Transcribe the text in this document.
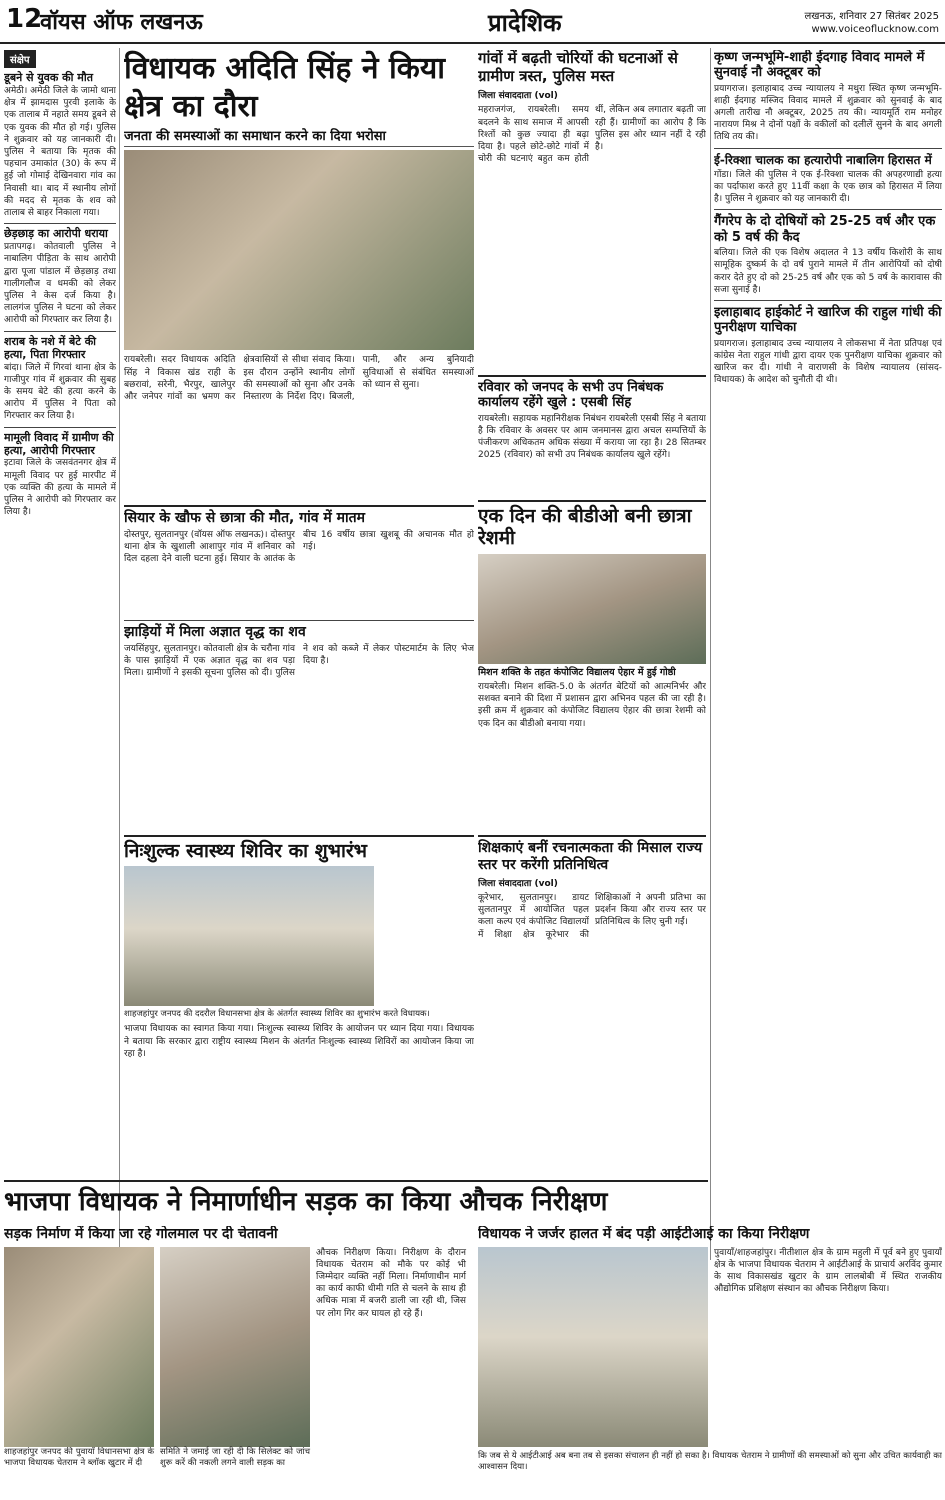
12
वॉयस ऑफ लखनऊ	प्रादेशिक	लखनऊ, शनिवार 27 सितंबर 2025
www.voiceoflucknow.com
संक्षेप
डूबने से युवक की मौत
अमेठी। अमेठी जिले के जामो थाना क्षेत्र में झामदास पुरवी इलाके के एक तालाब में नहाते समय डूबने से एक युवक की मौत हो गई। पुलिस ने शुक्रवार को यह जानकारी दी। पुलिस ने बताया कि मृतक की पहचान उमाकांत (30) के रूप में हुई जो गोमाई देखिनवारा गांव का निवासी था। बाद में स्थानीय लोगों की मदद से मृतक के शव को तालाब से बाहर निकाला गया।
छेड़छाड़ का आरोपी धराया
प्रतापगढ़। कोतवाली पुलिस ने नाबालिग पीड़िता के साथ आरोपी द्वारा पूजा पांडाल में छेड़छाड़ तथा गालीगलौज व धमकी को लेकर पुलिस ने केस दर्ज किया है। लालगंज पुलिस ने घटना को लेकर आरोपी को गिरफ्तार कर लिया है।
शराब के नशे में बेटे की हत्या, पिता गिरफ्तार
बांदा। जिले में गिरवां थाना क्षेत्र के गाजीपुर गांव में शुक्रवार की सुबह के समय बेटे की हत्या करने के आरोप में पुलिस ने पिता को गिरफ्तार कर लिया है।
मामूली विवाद में ग्रामीण की हत्या, आरोपी गिरफ्तार
इटावा जिले के जसवंतनगर क्षेत्र में मामूली विवाद पर हुई मारपीट में एक व्यक्ति की हत्या के मामले में पुलिस ने आरोपी को गिरफ्तार कर लिया है।
विधायक अदिति सिंह ने किया क्षेत्र का दौरा
जनता की समस्याओं का समाधान करने का दिया भरोसा
रायबरेली। सदर विधायक अदिति सिंह ने विकास खंड राही के बछरावां, सरेनी, भैरपुर, खालेपुर और जनेपर गांवों का भ्रमण कर क्षेत्रवासियों से सीधा संवाद किया। इस दौरान उन्होंने स्थानीय लोगों की समस्याओं को सुना और उनके निस्तारण के निर्देश दिए। बिजली, पानी, और अन्य बुनियादी सुविधाओं से संबंधित समस्याओं को ध्यान से सुना।
गांवों में बढ़ती चोरियों की घटनाओं से ग्रामीण त्रस्त, पुलिस मस्त
जिला संवाददाता (vol)
महराजगंज, रायबरेली। समय बदलने के साथ समाज में आपसी रिश्तों को कुछ ज्यादा ही बढ़ा दिया है। पहले छोटे-छोटे गांवों में चोरी की घटनाएं बहुत कम होती थीं, लेकिन अब लगातार बढ़ती जा रही हैं। ग्रामीणों का आरोप है कि पुलिस इस ओर ध्यान नहीं दे रही है।
रविवार को जनपद के सभी उप निबंधक कार्यालय रहेंगे खुले : एसबी सिंह
रायबरेली। सहायक महानिरीक्षक निबंधन रायबरेली एसबी सिंह ने बताया है कि रविवार के अवसर पर आम जनमानस द्वारा अचल सम्पत्तियों के पंजीकरण अधिकतम अधिक संख्या में कराया जा रहा है। 28 सितम्बर 2025 (रविवार) को सभी उप निबंधक कार्यालय खुले रहेंगे।
सियार के खौफ से छात्रा की मौत, गांव में मातम
दोस्तपुर, सुलतानपुर (वॉयस ऑफ लखनऊ)। दोस्तपुर थाना क्षेत्र के खुशाली आशापुर गांव में शनिवार को दिल दहला देने वाली घटना हुई। सियार के आतंक के बीच 16 वर्षीय छात्रा खुशबू की अचानक मौत हो गई।
झाड़ियों में मिला अज्ञात वृद्ध का शव
जयसिंहपुर, सुलतानपुर। कोतवाली क्षेत्र के चरौना गांव के पास झाड़ियों में एक अज्ञात वृद्ध का शव पड़ा मिला। ग्रामीणों ने इसकी सूचना पुलिस को दी। पुलिस ने शव को कब्जे में लेकर पोस्टमार्टम के लिए भेज दिया है।
एक दिन की बीडीओ बनी छात्रा रेशमी
मिशन शक्ति के तहत कंपोजिट विद्यालय ऐहार में हुई गोष्ठी
रायबरेली। मिशन शक्ति-5.0 के अंतर्गत बेटियों को आत्मनिर्भर और सशक्त बनाने की दिशा में प्रशासन द्वारा अभिनव पहल की जा रही है। इसी क्रम में शुक्रवार को कंपोजिट विद्यालय ऐहार की छात्रा रेशमी को एक दिन का बीडीओ बनाया गया।
निःशुल्क स्वास्थ्य शिविर का शुभारंभ
शाहजहांपुर जनपद की ददरौल विधानसभा क्षेत्र के अंतर्गत स्वास्थ्य शिविर का शुभारंभ करते विधायक।
भाजपा विधायक का स्वागत किया गया। निःशुल्क स्वास्थ्य शिविर के आयोजन पर ध्यान दिया गया। विधायक ने बताया कि सरकार द्वारा राष्ट्रीय स्वास्थ्य मिशन के अंतर्गत निःशुल्क स्वास्थ्य शिविरों का आयोजन किया जा रहा है।
शिक्षकाएं बनीं रचनात्मकता की मिसाल राज्य स्तर पर करेंगी प्रतिनिधित्व
जिला संवाददाता (vol)
कूरेभार, सुलतानपुर। डायट सुलतानपुर में आयोजित पहल कला कल्प एवं कंपोजिट विद्यालयों में शिक्षा क्षेत्र कूरेभार की शिक्षिकाओं ने अपनी प्रतिभा का प्रदर्शन किया और राज्य स्तर पर प्रतिनिधित्व के लिए चुनी गईं।
कृष्ण जन्मभूमि-शाही ईदगाह विवाद मामले में सुनवाई नौ अक्टूबर को
प्रयागराज। इलाहाबाद उच्च न्यायालय ने मथुरा स्थित कृष्ण जन्मभूमि-शाही ईदगाह मस्जिद विवाद मामले में शुक्रवार को सुनवाई के बाद अगली तारीख नौ अक्टूबर, 2025 तय की। न्यायमूर्ति राम मनोहर नारायण मिश्र ने दोनों पक्षों के वकीलों को दलीलें सुनने के बाद अगली तिथि तय की।
ई-रिक्शा चालक का हत्यारोपी नाबालिग हिरासत में
गोंडा। जिले की पुलिस ने एक ई-रिक्शा चालक की अपहरणाद्यी हत्या का पर्दाफाश करते हुए 11वीं कक्षा के एक छात्र को हिरासत में लिया है। पुलिस ने शुक्रवार को यह जानकारी दी।
गैंगरेप के दो दोषियों को 25-25 वर्ष और एक को 5 वर्ष की कैद
बलिया। जिले की एक विशेष अदालत ने 13 वर्षीय किशोरी के साथ सामूहिक दुष्कर्म के दो वर्ष पुराने मामले में तीन आरोपियों को दोषी करार देते हुए दो को 25-25 वर्ष और एक को 5 वर्ष के कारावास की सजा सुनाई है।
इलाहाबाद हाईकोर्ट ने खारिज की राहुल गांधी की पुनरीक्षण याचिका
प्रयागराज। इलाहाबाद उच्च न्यायालय ने लोकसभा में नेता प्रतिपक्ष एवं कांग्रेस नेता राहुल गांधी द्वारा दायर एक पुनरीक्षण याचिका शुक्रवार को खारिज कर दी। गांधी ने वाराणसी के विशेष न्यायालय (सांसद-विधायक) के आदेश को चुनौती दी थी।
भाजपा विधायक ने निमार्णाधीन सड़क का किया औचक निरीक्षण
सड़क निर्माण में किया जा रहे गोलमाल पर दी चेतावनी
शाहजहांपुर जनपद की पुवायाँ विधानसभा क्षेत्र के भाजपा विधायक चेतराम ने ब्लॉक खुटार में दी
समिति ने जमाई जा रही दी कि सिलेक्ट को जांच शुरू करें की नकली लगने वाली सड़क का
औचक निरीक्षण किया। निरीक्षण के दौरान विधायक चेतराम को मौके पर कोई भी जिम्मेदार व्यक्ति नहीं मिला। निर्माणाधीन मार्ग का कार्य काफी धीमी गति से चलने के साथ ही अधिक मात्रा में बजरी डाली जा रही थी, जिस पर लोग गिर कर घायल हो रहे हैं।
विधायक ने जर्जर हालत में बंद पड़ी आईटीआई का किया निरीक्षण
पुवायाँ/शाहजहांपुर। नीतीशाल क्षेत्र के ग्राम महुली में पूर्व बने हुए पुवायाँ क्षेत्र के भाजपा विधायक चेतराम ने आईटीआई के प्राचार्य अरविंद कुमार के साथ विकासखंड खुटार के ग्राम लालबोबी में स्थित राजकीय औद्योगिक प्रशिक्षण संस्थान का औचक निरीक्षण किया।
कि जब से ये आईटीआई अब बना तब से इसका संचालन ही नहीं हो सका है। विधायक चेतराम ने ग्रामीणों की समस्याओं को सुना और उचित कार्यवाही का आश्वासन दिया।
